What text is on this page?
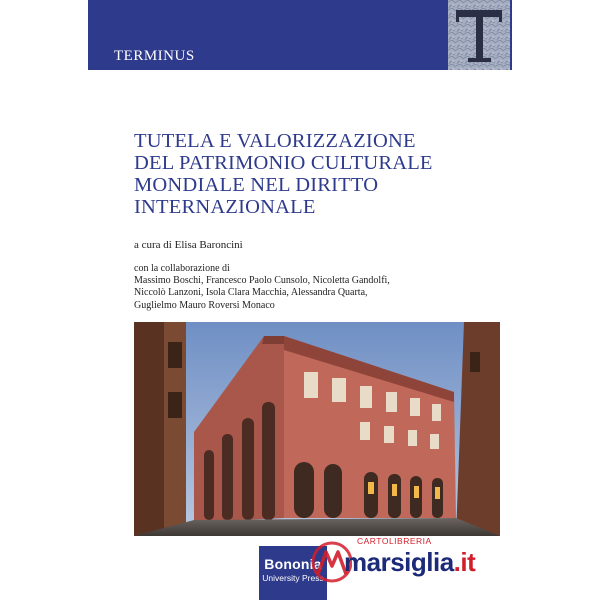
TERMINUS
TUTELA E VALORIZZAZIONE
DEL PATRIMONIO CULTURALE
MONDIALE NEL DIRITTO
INTERNAZIONALE
a cura di Elisa Baroncini
con la collaborazione di
Massimo Boschi, Francesco Paolo Cunsolo, Nicoletta Gandolfi,
Niccolò Lanzoni, Isola Clara Macchia, Alessandra Quarta,
Guglielmo Mauro Roversi Monaco
Bononia
University Press
CARTOLIBRERIA
marsiglia.it
